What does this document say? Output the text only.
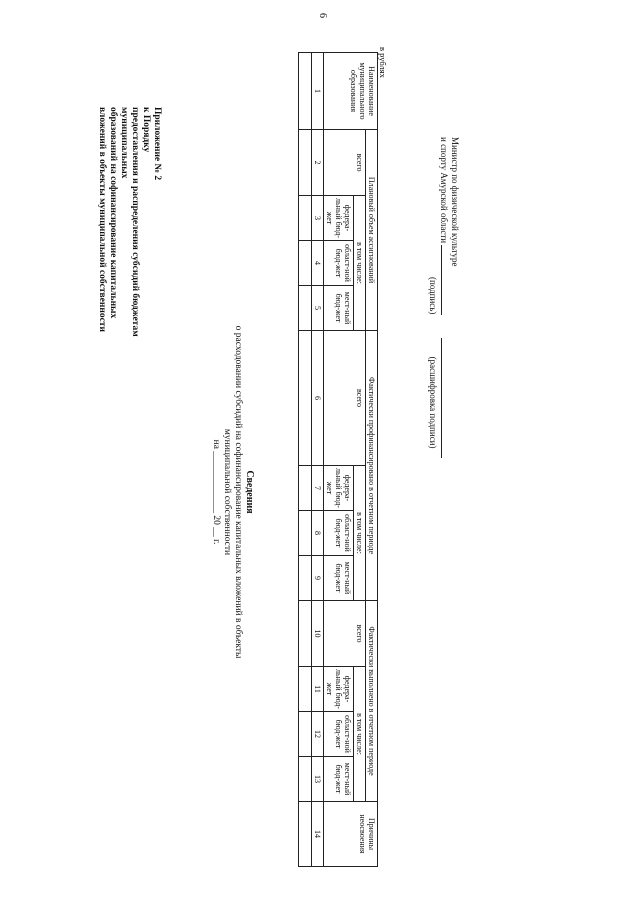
6
Приложение № 2
к Порядку
предоставления и распределения субсидий бюджетам
муниципальных
образований на софинансирование капитальных
вложений в объекты муниципальной собственности
Сведения
о расходовании субсидий на софинансирование капитальных вложений в объекты
муниципальной собственности
на _____________ 20 __ г.
в рублях
Наименование муниципального образования	Плановый объем ассигнований				Фактически профинансировано в отчетном периоде				Фактически выполнено в отчетном периоде				Причины неосвоения
	всего	в том числе:			всего	в том числе:			всего	в том числе:			
		федера-льный бюд-жет	област-ной бюд-жет	мест-ный бюд-жет		федера-льный бюд-жет	област-ной бюд-жет	мест-ный бюд-жет		федера-льный бюд-жет	област-ной бюд-жет	мест-ный бюд-жет	
1	2	3	4	5	6	7	8	9	10	11	12	13	14

Министр по физической культуре
и спорту Амурской области
(подпись) (расшифровка подписи)
